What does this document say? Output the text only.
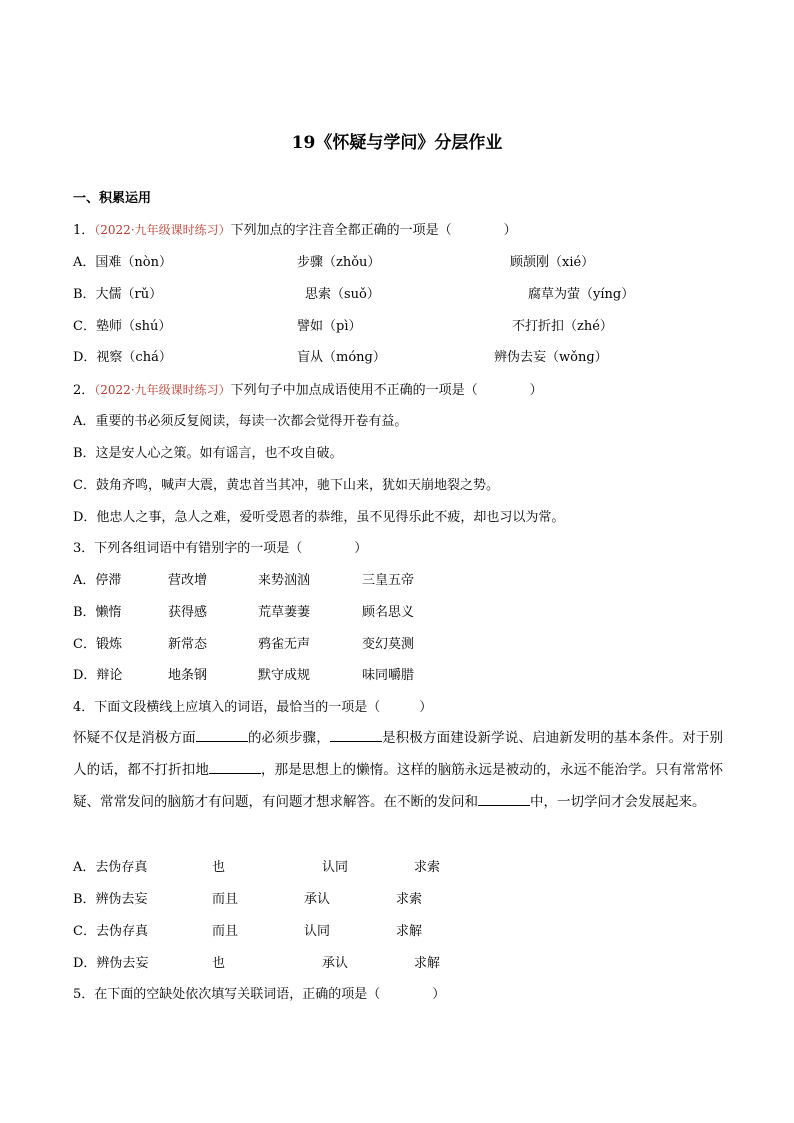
19《怀疑与学问》分层作业
一、积累运用
1．（2022·九年级课时练习）下列加点的字注音全都正确的一项是（　　　　）
A．国难（nòn）	步骤（zhǒu）	顾颉刚（xié）
B．大儒（rǔ）	思索（suǒ）	腐草为萤（yíng）
C．塾师（shú）	譬如（pì）	不打折扣（zhé）
D．视察（chá）	盲从（mónɡ）	辨伪去妄（wǒnɡ）
2．（2022·九年级课时练习）下列句子中加点成语使用不正确的一项是（　　　　）
A．重要的书必须反复阅读，每读一次都会觉得开卷有益。
B．这是安人心之策。如有谣言，也不攻自破。
C．鼓角齐鸣，喊声大震，黄忠首当其冲，驰下山来，犹如天崩地裂之势。
D．他忠人之事，急人之难，爱听受恩者的恭维，虽不见得乐此不疲，却也习以为常。
3．下列各组词语中有错别字的一项是（　　　　）
A．停滞	营改增	来势汹汹	三皇五帝
B．懒惰	获得感	荒草萋萋	顾名思义
C．锻炼	新常态	鸦雀无声	变幻莫测
D．辩论	地条钢	默守成规	味同嚼腊
4．下面文段横线上应填入的词语，最恰当的一项是（　　　）
怀疑不仅是消极方面	的必须步骤，	是积极方面建设新学说、启迪新发明的基本条件。对于别人的话，都不打折扣地	，那是思想上的懒惰。这样的脑筋永远是被动的，永远不能治学。只有常常怀疑、常常发问的脑筋才有问题，有问题才想求解答。在不断的发问和	中，一切学问才会发展起来。
A．去伪存真	也	认同	求索
B．辨伪去妄	而且	承认	求索
C．去伪存真	而且	认同	求解
D．辨伪去妄	也	承认	求解
5．在下面的空缺处依次填写关联词语，正确的项是（　　　　）
